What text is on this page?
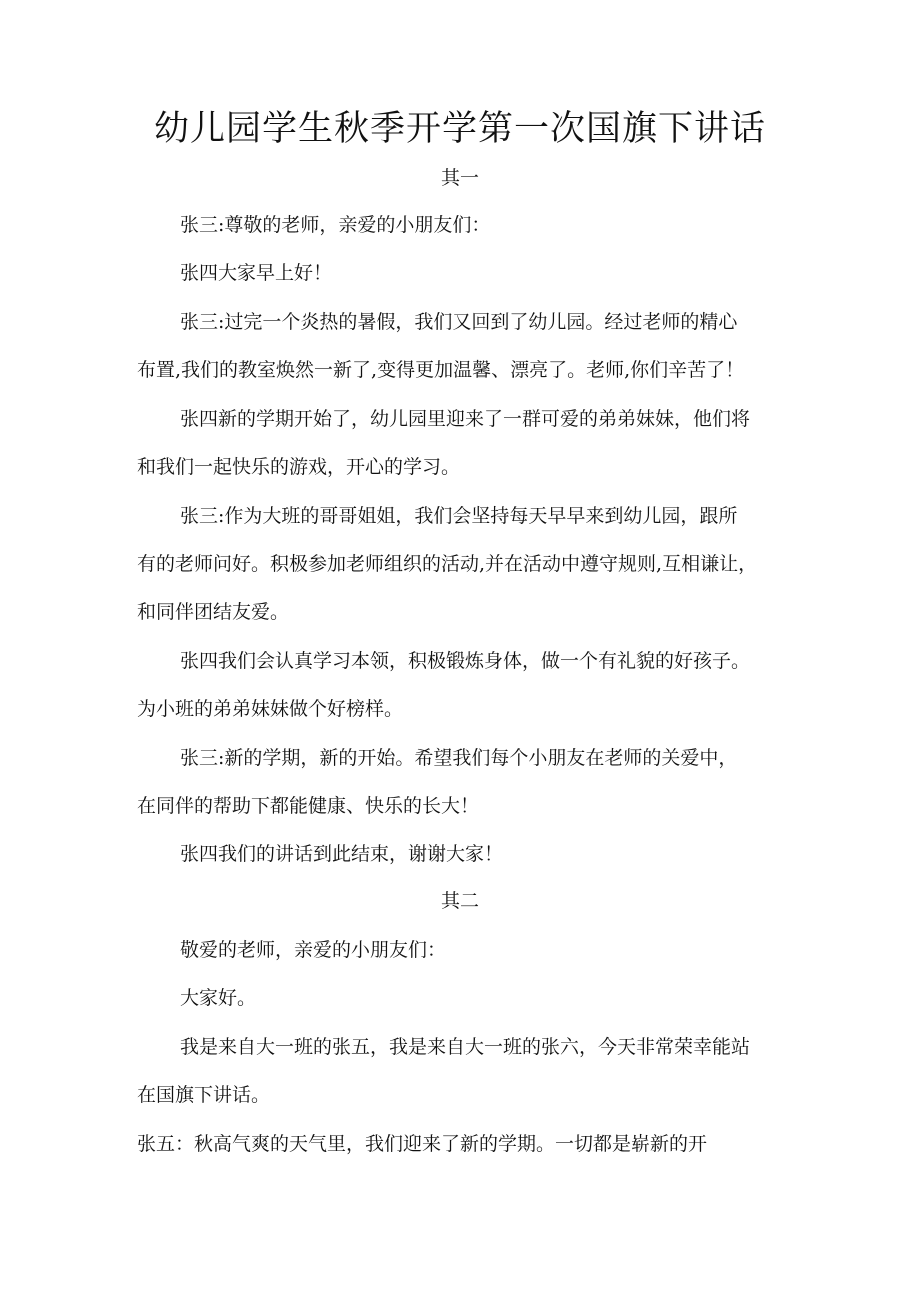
幼儿园学生秋季开学第一次国旗下讲话
其一
张三:尊敬的老师，亲爱的小朋友们：
张四大家早上好！
张三:过完一个炎热的暑假，我们又回到了幼儿园。经过老师的精心
布置,我们的教室焕然一新了,变得更加温馨、漂亮了。老师,你们辛苦了！
张四新的学期开始了，幼儿园里迎来了一群可爱的弟弟妹妹，他们将
和我们一起快乐的游戏，开心的学习。
张三:作为大班的哥哥姐姐，我们会坚持每天早早来到幼儿园，跟所
有的老师问好。积极参加老师组织的活动,并在活动中遵守规则,互相谦让，
和同伴团结友爱。
张四我们会认真学习本领，积极锻炼身体，做一个有礼貌的好孩子。
为小班的弟弟妹妹做个好榜样。
张三:新的学期，新的开始。希望我们每个小朋友在老师的关爱中，
在同伴的帮助下都能健康、快乐的长大！
张四我们的讲话到此结束，谢谢大家！
其二
敬爱的老师，亲爱的小朋友们：
大家好。
我是来自大一班的张五，我是来自大一班的张六，今天非常荣幸能站
在国旗下讲话。
张五：秋高气爽的天气里，我们迎来了新的学期。一切都是崭新的开
